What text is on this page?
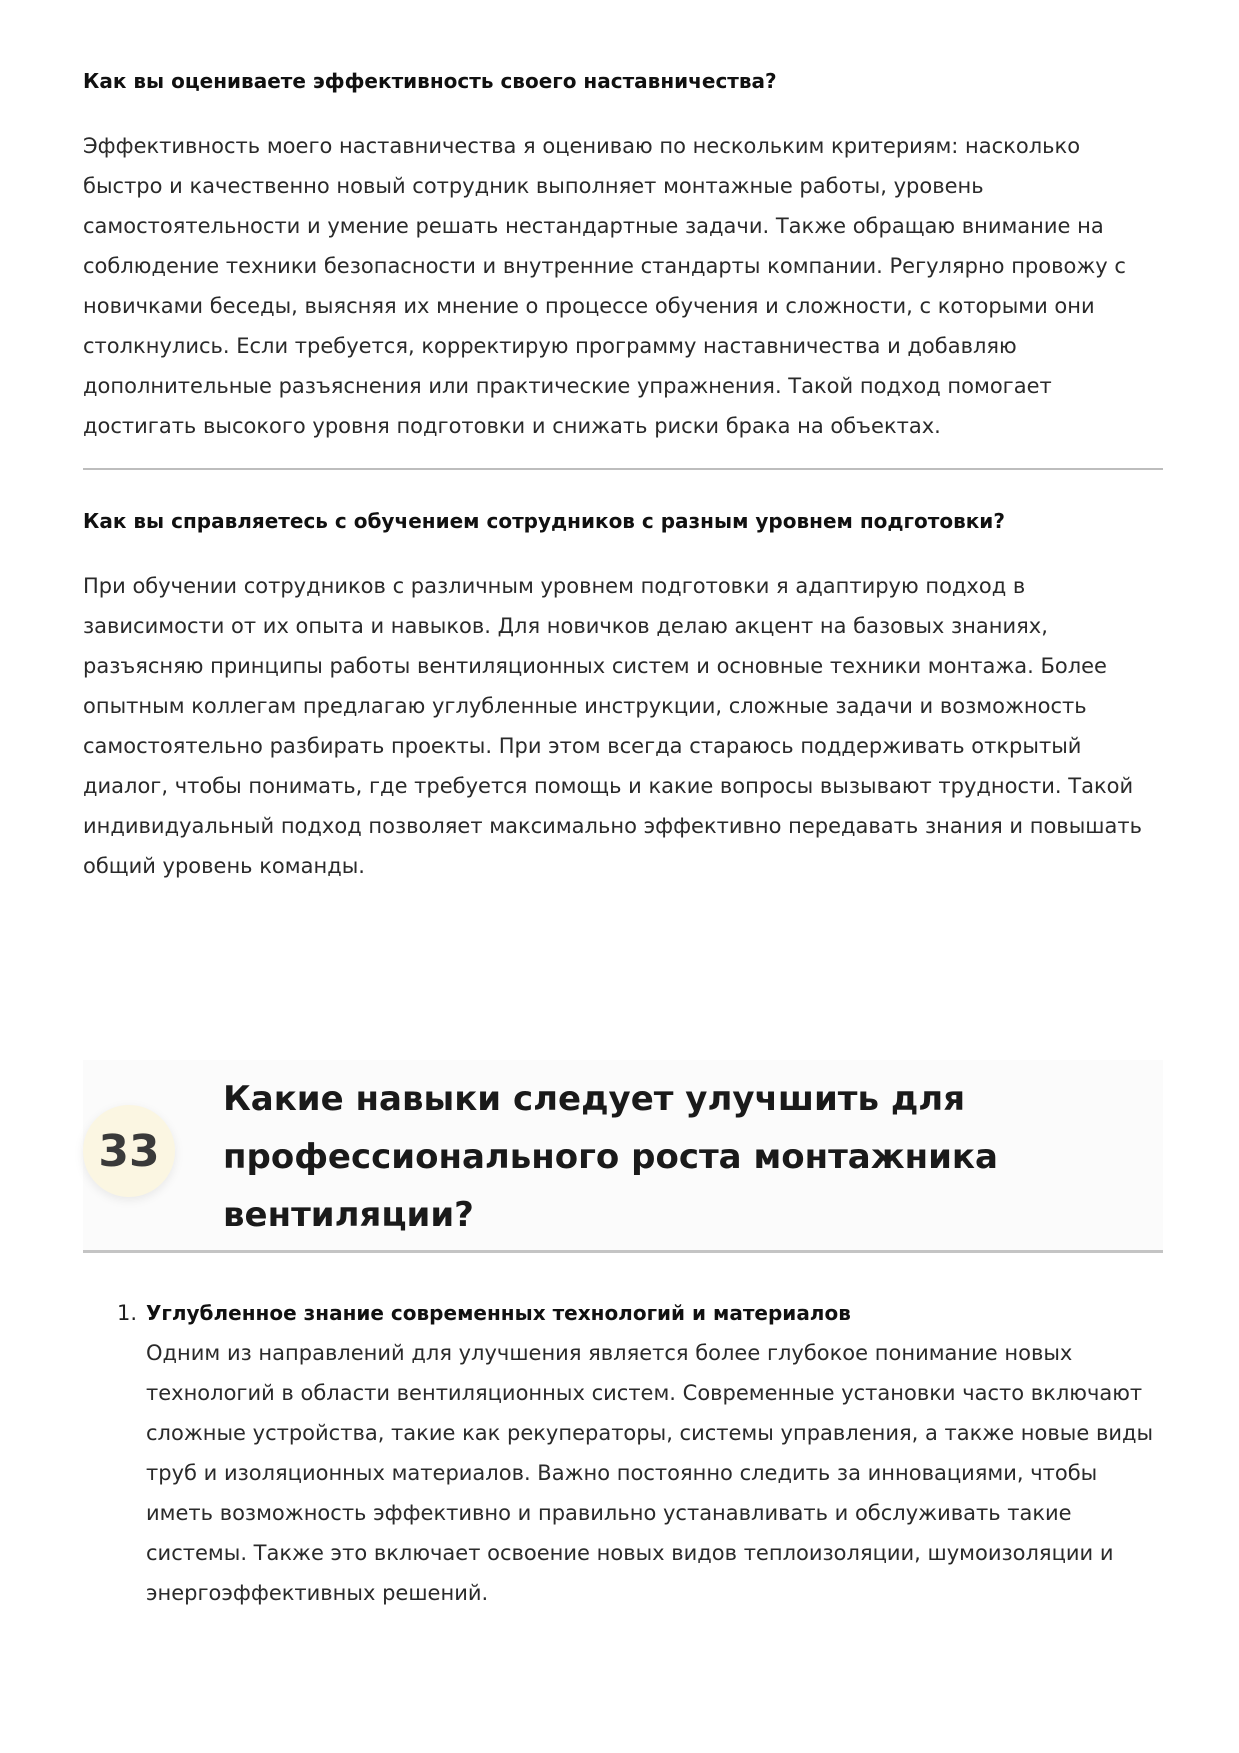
Как вы оцениваете эффективность своего наставничества?

Эффективность моего наставничества я оцениваю по нескольким критериям: насколько быстро и качественно новый сотрудник выполняет монтажные работы, уровень самостоятельности и умение решать нестандартные задачи. Также обращаю внимание на соблюдение техники безопасности и внутренние стандарты компании. Регулярно провожу с новичками беседы, выясняя их мнение о процессе обучения и сложности, с которыми они столкнулись. Если требуется, корректирую программу наставничества и добавляю дополнительные разъяснения или практические упражнения. Такой подход помогает достигать высокого уровня подготовки и снижать риски брака на объектах.

Как вы справляетесь с обучением сотрудников с разным уровнем подготовки?

При обучении сотрудников с различным уровнем подготовки я адаптирую подход в зависимости от их опыта и навыков. Для новичков делаю акцент на базовых знаниях, разъясняю принципы работы вентиляционных систем и основные техники монтажа. Более опытным коллегам предлагаю углубленные инструкции, сложные задачи и возможность самостоятельно разбирать проекты. При этом всегда стараюсь поддерживать открытый диалог, чтобы понимать, где требуется помощь и какие вопросы вызывают трудности. Такой индивидуальный подход позволяет максимально эффективно передавать знания и повышать общий уровень команды.

33
Какие навыки следует улучшить для профессионального роста монтажника вентиляции?
1. Углубленное знание современных технологий и материалов
Одним из направлений для улучшения является более глубокое понимание новых технологий в области вентиляционных систем. Современные установки часто включают сложные устройства, такие как рекуператоры, системы управления, а также новые виды труб и изоляционных материалов. Важно постоянно следить за инновациями, чтобы иметь возможность эффективно и правильно устанавливать и обслуживать такие системы. Также это включает освоение новых видов теплоизоляции, шумоизоляции и энергоэффективных решений.
